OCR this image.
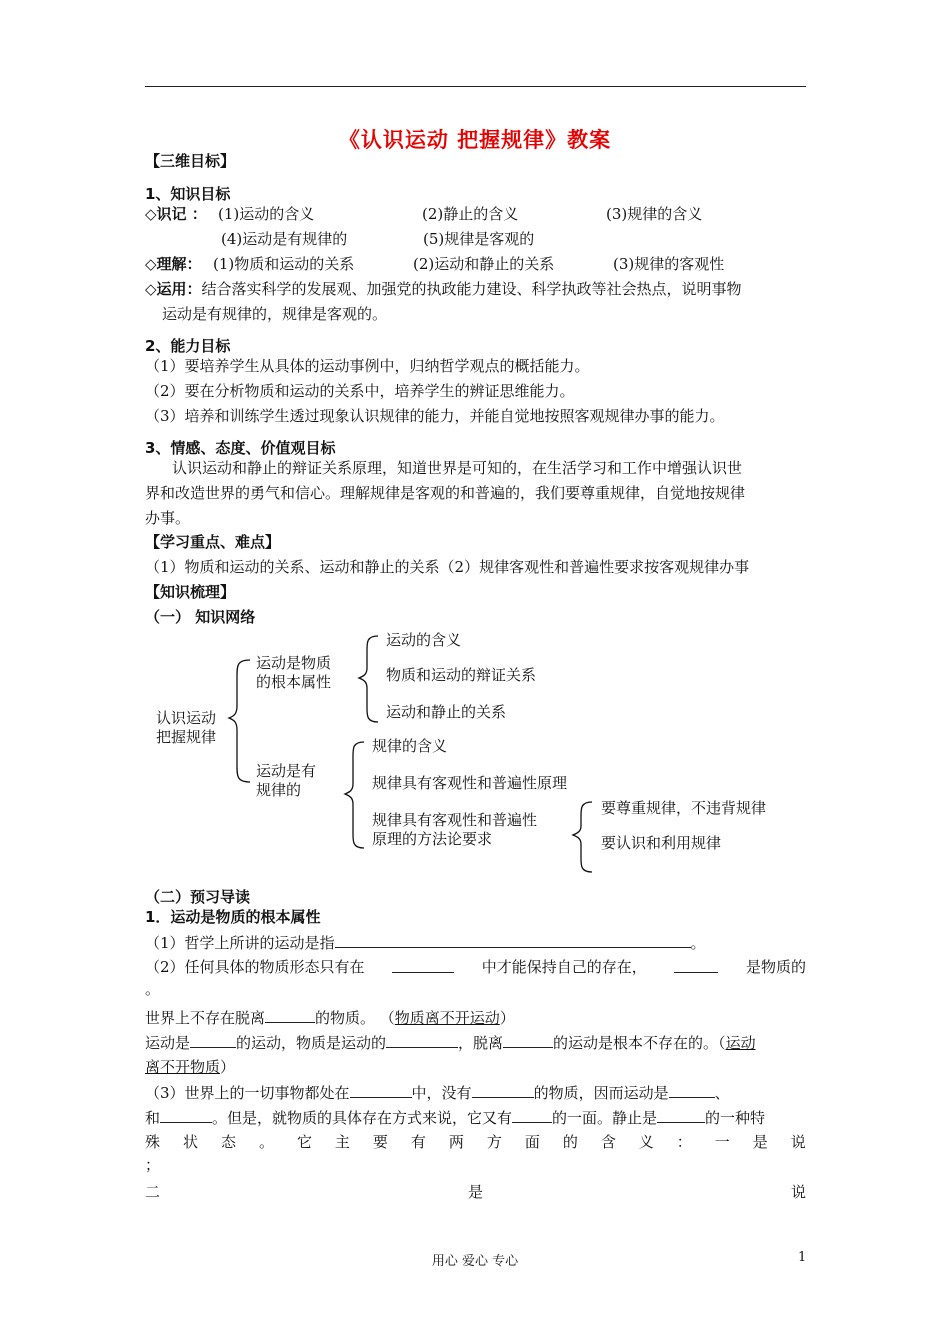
《认识运动 把握规律》教案
【三维目标】
1、知识目标
◇识记 ： (1)运动的含义	(2)静止的含义	(3)规律的含义
(4)运动是有规律的	(5)规律是客观的
◇理解： (1)物质和运动的关系	(2)运动和静止的关系	(3)规律的客观性
◇运用：结合落实科学的发展观、加强党的执政能力建设、科学执政等社会热点，说明事物
运动是有规律的，规律是客观的。
2、能力目标
（1）要培养学生从具体的运动事例中，归纳哲学观点的概括能力。
（2）要在分析物质和运动的关系中，培养学生的辨证思维能力。
（3）培养和训练学生透过现象认识规律的能力，并能自觉地按照客观规律办事的能力。
3、情感、态度、价值观目标
认识运动和静止的辩证关系原理，知道世界是可知的，在生活学习和工作中增强认识世
界和改造世界的勇气和信心。理解规律是客观的和普遍的，我们要尊重规律，自觉地按规律
办事。
【学习重点、难点】
（1）物质和运动的关系、运动和静止的关系（2）规律客观性和普遍性要求按客观规律办事
【知识梳理】
（一） 知识网络
认识运动
把握规律
运动是物质
的根本属性
运动的含义
物质和运动的辩证关系
运动和静止的关系
运动是有
规律的
规律的含义
规律具有客观性和普遍性原理
规律具有客观性和普遍性
原理的方法论要求
要尊重规律，不违背规律
要认识和利用规律
（二）预习导读
1．运动是物质的根本属性
（1）哲学上所讲的运动是指	。
（2）任何具体的物质形态只有在	中才能保持自己的存在，	是物质的
。
世界上不存在脱离	的物质。 （物质离不开运动）
运动是	的运动，物质是运动的	，脱离	的运动是根本不存在的。（运动
离不开物质）
（3）世界上的一切事物都处在	中，没有	的物质，因而运动是	、
和	。但是，就物质的具体存在方式来说，它又有	的一面。静止是	的一种特
殊 状 态 。 它 主 要 有 两 方 面 的 含 义 ： 一 是 说
；
二	是	说
用心 爱心 专心	1
